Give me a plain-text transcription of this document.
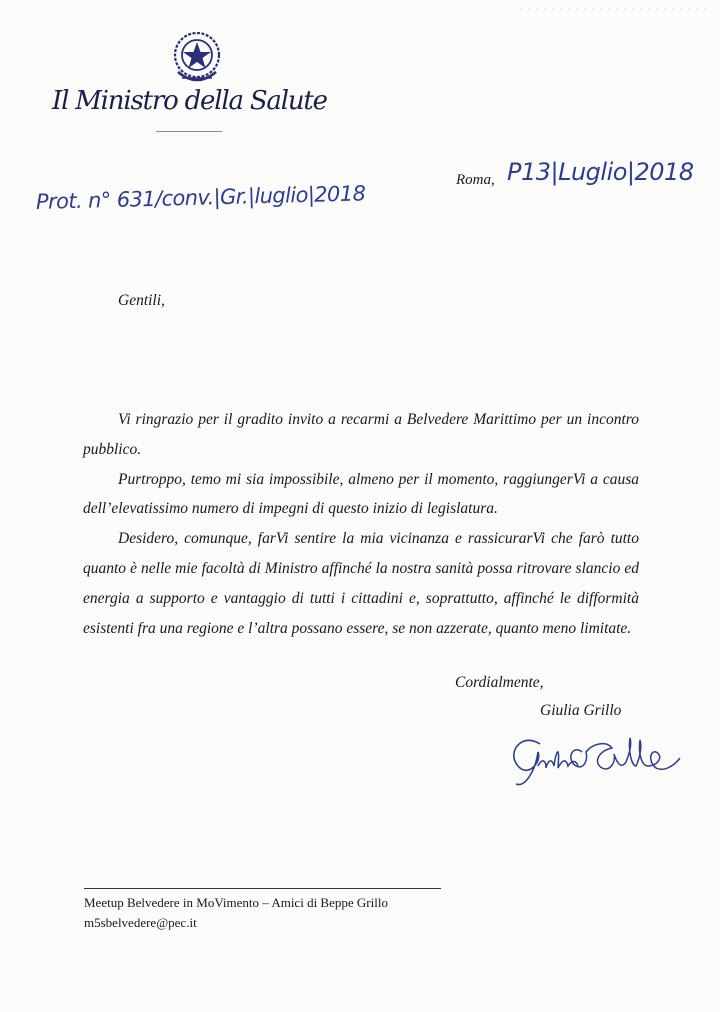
Il Ministro della Salute
Roma, P13|Luglio|2018
Prot. n° 631/conv.|Gr.|luglio|2018
Gentili,

Vi ringrazio per il gradito invito a recarmi a Belvedere Marittimo per un incontro pubblico.

Purtroppo, temo mi sia impossibile, almeno per il momento, raggiungerVi a causa dell’elevatissimo numero di impegni di questo inizio di legislatura.

Desidero, comunque, farVi sentire la mia vicinanza e rassicurarVi che farò tutto quanto è nelle mie facoltà di Ministro affinché la nostra sanità possa ritrovare slancio ed energia a supporto e vantaggio di tutti i cittadini e, soprattutto, affinché le difformità esistenti fra una regione e l’altra possano essere, se non azzerate, quanto meno limitate.

Cordialmente,
Giulia Grillo
Meetup Belvedere in MoVimento – Amici di Beppe Grillo
m5sbelvedere@pec.it
